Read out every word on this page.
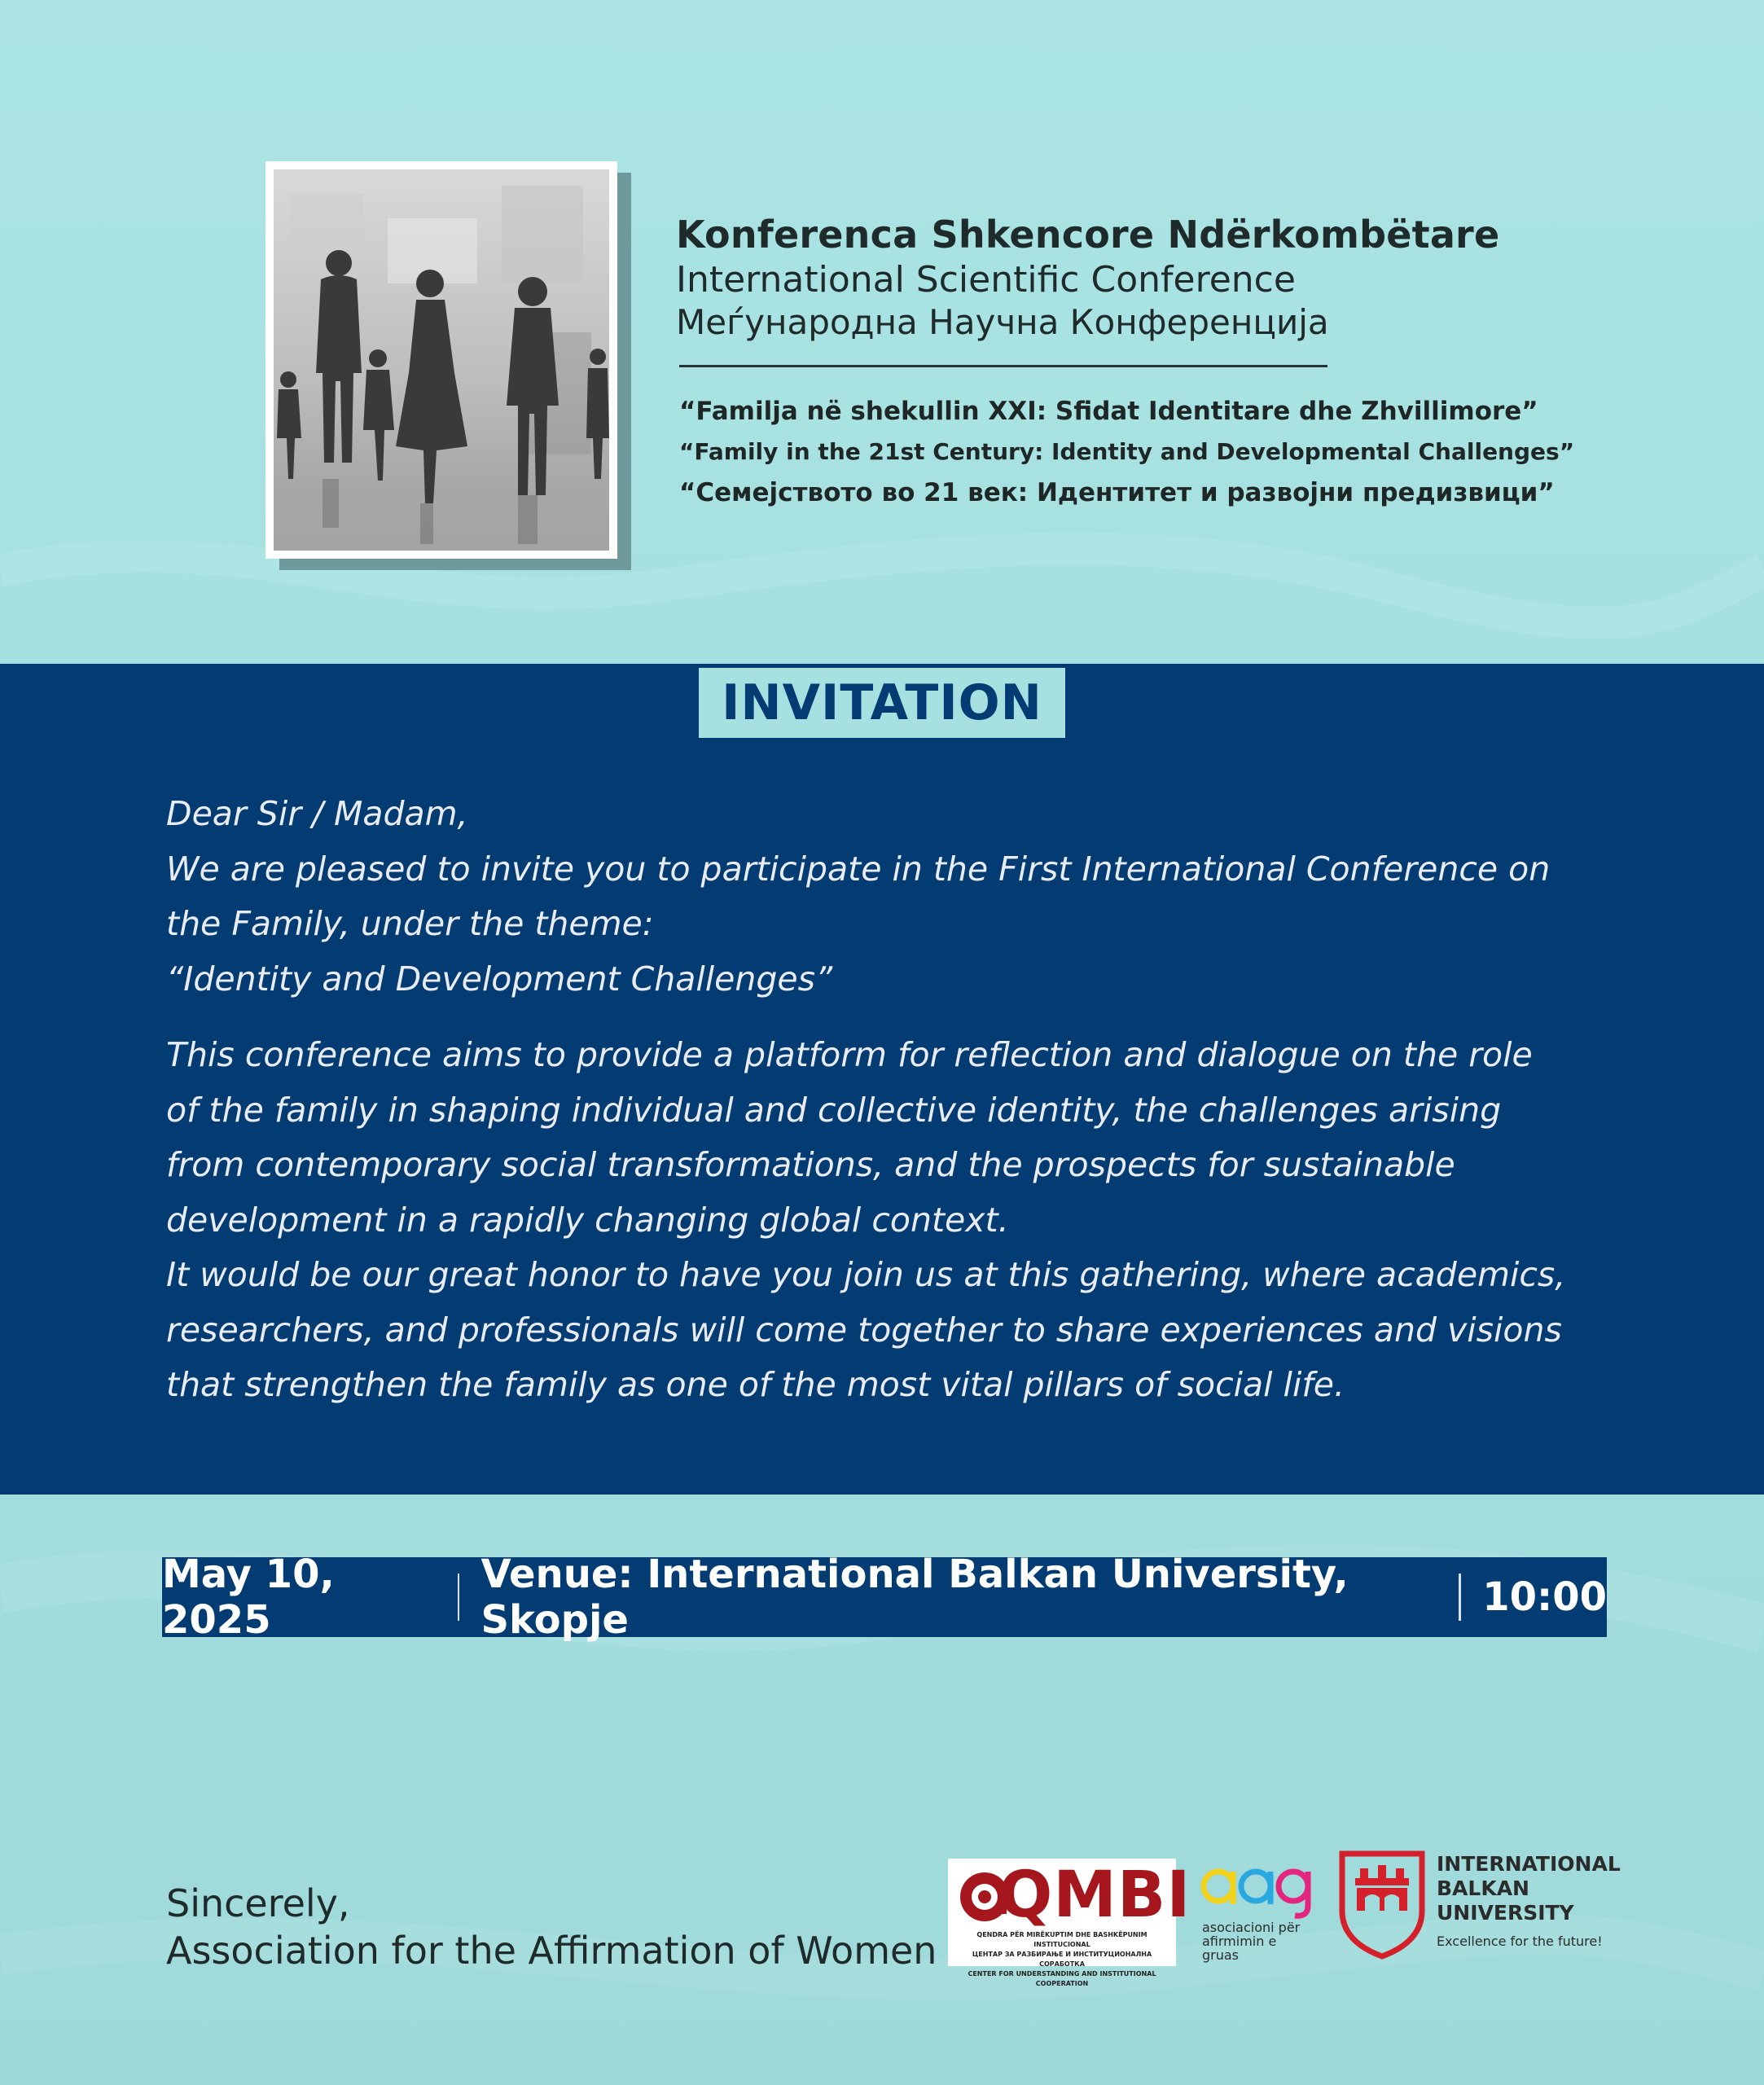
Konferenca Shkencore Ndërkombëtare
International Scientific Conference
Меѓународна Научна Конференција
“Familja në shekullin XXI: Sfidat Identitare dhe Zhvillimore”
“Family in the 21st Century: Identity and Developmental Challenges”
“Семејството во 21 век: Идентитет и развојни предизвици”
INVITATION

Dear Sir / Madam,

We are pleased to invite you to participate in the First International Conference on

the Family, under the theme:

“Identity and Development Challenges”

This conference aims to provide a platform for reflection and dialogue on the role

of the family in shaping individual and collective identity, the challenges arising

from contemporary social transformations, and the prospects for sustainable

development in a rapidly changing global context.

It would be our great honor to have you join us at this gathering, where academics,

researchers, and professionals will come together to share experiences and visions

that strengthen the family as one of the most vital pillars of social life.

May 10, 2025
Venue: International Balkan University, Skopje	10:00
Sincerely,
Association for the Affirmation of Women
QMBI
QENDRA PËR MIRËKUPTIM DHE BASHKËPUNIM INSTITUCIONAL
ЦЕНТАР ЗА РАЗБИРАЊЕ И ИНСТИТУЦИОНАЛНА СОРАБОТКА
CENTER FOR UNDERSTANDING AND INSTITUTIONAL COOPERATION
asociacioni për
afirmimin e
gruas
INTERNATIONAL
BALKAN
UNIVERSITY
Excellence for the future!
